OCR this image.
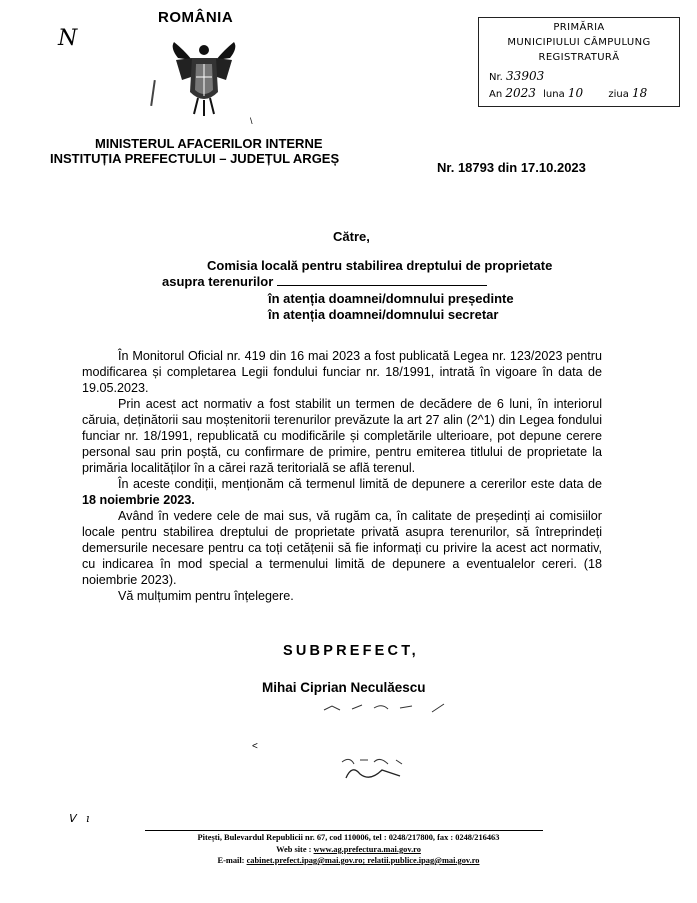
N
ROMÂNIA
\
MINISTERUL AFACERILOR INTERNE
INSTITUȚIA PREFECTULUI – JUDEȚUL ARGEȘ
PRIMĂRIA
MUNICIPIULUI CÂMPULUNG
REGISTRATURĂ
Nr. 33903
An 2023 luna 10	ziua 18
Nr. 18793 din 17.10.2023
Către,
Comisia locală pentru stabilirea dreptului de proprietate
asupra terenurilor
în atenția doamnei/domnului președinte
în atenția doamnei/domnului secretar

În Monitorul Oficial nr. 419 din 16 mai 2023 a fost publicată Legea nr. 123/2023 pentru modificarea și completarea Legii fondului funciar nr. 18/1991, intrată în vigoare în data de 19.05.2023.

Prin acest act normativ a fost stabilit un termen de decădere de 6 luni, în interiorul căruia, deținătorii sau moștenitorii terenurilor prevăzute la art 27 alin (2^1) din Legea fondului funciar nr. 18/1991, republicată cu modificările și completările ulterioare, pot depune cerere personal sau prin poștă, cu confirmare de primire, pentru emiterea titlului de proprietate la primăria localităților în a cărei rază teritorială se află terenul.

În aceste condiții, menționăm că termenul limită de depunere a cererilor este data de 18 noiembrie 2023.

Având în vedere cele de mai sus, vă rugăm ca, în calitate de președinți ai comisiilor locale pentru stabilirea dreptului de proprietate privată asupra terenurilor, să întreprindeți demersurile necesare pentru ca toți cetățenii să fie informați cu privire la acest act normativ, cu indicarea în mod special a termenului limită de depunere a eventualelor cereri. (18 noiembrie 2023).

Vă mulțumim pentru înțelegere.

SUBPREFECT,
Mihai Ciprian Neculăescu
<
ᐯ   ı
Pitești, Bulevardul Republicii nr. 67, cod 110006, tel : 0248/217800, fax : 0248/216463
Web site : www.ag.prefectura.mai.gov.ro
E-mail: cabinet.prefect.ipag@mai.gov.ro; relatii.publice.ipag@mai.gov.ro
